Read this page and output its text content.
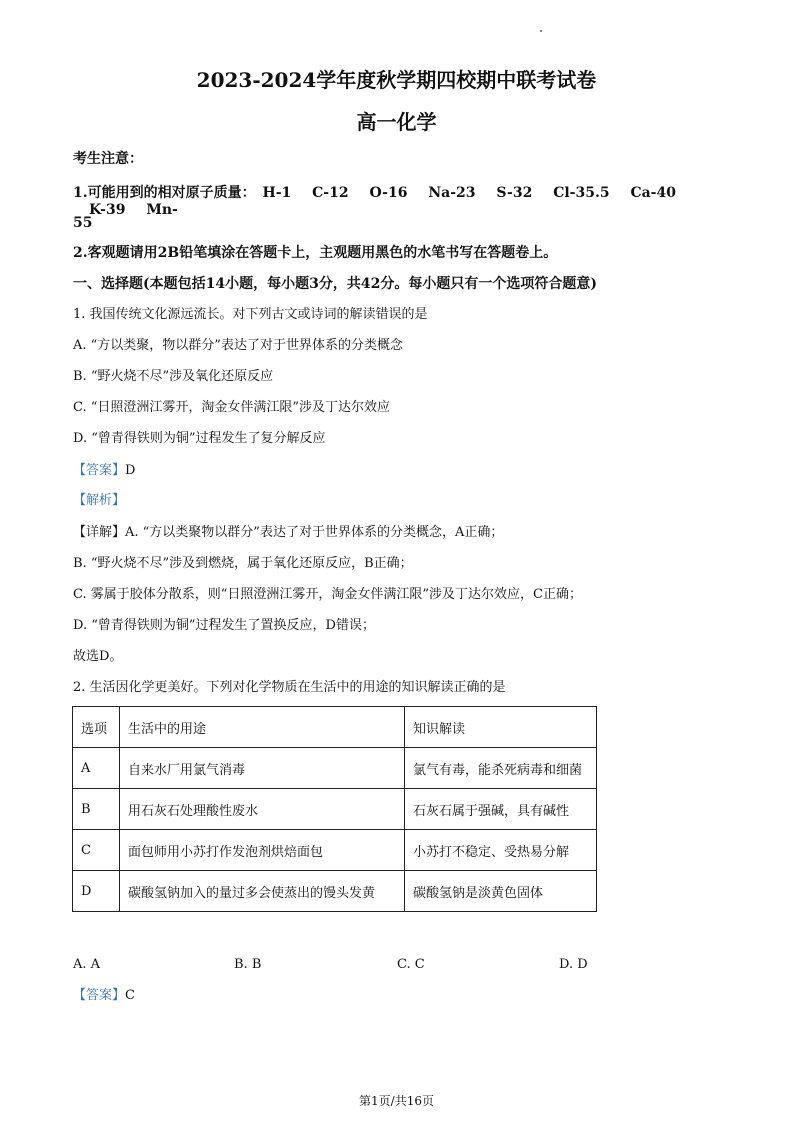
2023-2024学年度秋学期四校期中联考试卷
高一化学
考生注意：
1.可能用到的相对原子质量： H-1 C-12 O-16 Na-23 S-32 Cl-35.5 Ca-40 K-39 Mn-
55
2.客观题请用2B铅笔填涂在答题卡上，主观题用黑色的水笔书写在答题卷上。
一、选择题(本题包括14小题，每小题3分，共42分。每小题只有一个选项符合题意)
1. 我国传统文化源远流长。对下列古文或诗词的解读错误的是
A. “方以类聚，物以群分”表达了对于世界体系的分类概念
B. “野火烧不尽”涉及氧化还原反应
C. “日照澄洲江雾开，淘金女伴满江限”涉及丁达尔效应
D. “曾青得铁则为铜”过程发生了复分解反应
【答案】D
【解析】
【详解】A. “方以类聚物以群分”表达了对于世界体系的分类概念，A正确；
B. “野火烧不尽”涉及到燃烧，属于氧化还原反应，B正确；
C. 雾属于胶体分散系，则“日照澄洲江雾开，淘金女伴满江限”涉及丁达尔效应，C正确；
D. “曾青得铁则为铜”过程发生了置换反应，D错误；
故选D。
2. 生活因化学更美好。下列对化学物质在生活中的用途的知识解读正确的是
选项	生活中的用途	知识解读
A	自来水厂用氯气消毒	氯气有毒，能杀死病毒和细菌
B	用石灰石处理酸性废水	石灰石属于强碱，具有碱性
C	面包师用小苏打作发泡剂烘焙面包	小苏打不稳定、受热易分解
D	碳酸氢钠加入的量过多会使蒸出的馒头发黄	碳酸氢钠是淡黄色固体
A. A	B. B	C. C	D. D
【答案】C
第1页/共16页
